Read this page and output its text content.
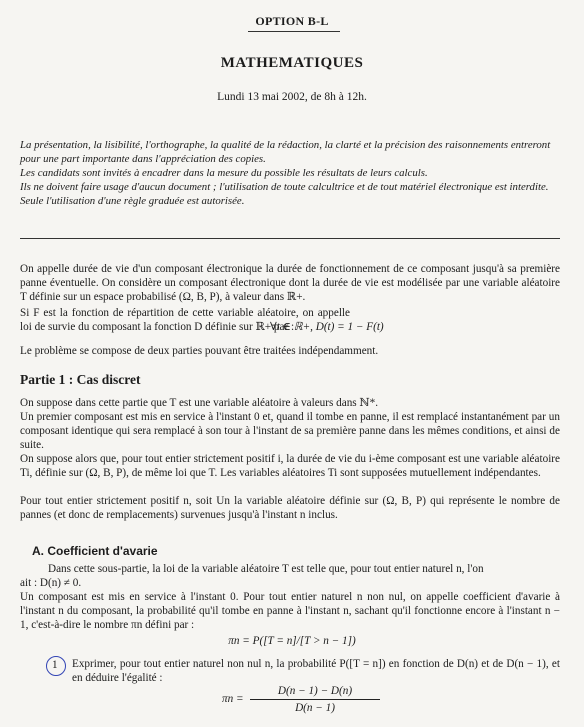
OPTION B-L
MATHEMATIQUES
Lundi 13 mai 2002, de 8h à 12h.
La présentation, la lisibilité, l'orthographe, la qualité de la rédaction, la clarté et la précision des raisonnements entreront pour une part importante dans l'appréciation des copies.
Les candidats sont invités à encadrer dans la mesure du possible les résultats de leurs calculs.
Ils ne doivent faire usage d'aucun document ; l'utilisation de toute calcultrice et de tout matériel électronique est interdite.
Seule l'utilisation d'une règle graduée est autorisée.
On appelle durée de vie d'un composant électronique la durée de fonctionnement de ce composant jusqu'à sa première panne éventuelle. On considère un composant électronique dont la durée de vie est modélisée par une variable aléatoire T définie sur un espace probabilisé (Ω, B, P), à valeur dans ℝ+.
Si F est la fonction de répartition de cette variable aléatoire, on appelle loi de survie du composant la fonction D définie sur ℝ+ par :
∀t ∈ ℝ+, D(t) = 1 − F(t)
Le problème se compose de deux parties pouvant être traitées indépendamment.
Partie 1 : Cas discret
On suppose dans cette partie que T est une variable aléatoire à valeurs dans ℕ*.
Un premier composant est mis en service à l'instant 0 et, quand il tombe en panne, il est remplacé instantanément par un composant identique qui sera remplacé à son tour à l'instant de sa première panne dans les mêmes conditions, et ainsi de suite.
On suppose alors que, pour tout entier strictement positif i, la durée de vie du i-ème composant est une variable aléatoire Ti, définie sur (Ω, B, P), de même loi que T. Les variables aléatoires Ti sont supposées mutuellement indépendantes.
Pour tout entier strictement positif n, soit Un la variable aléatoire définie sur (Ω, B, P) qui représente le nombre de pannes (et donc de remplacements) survenues jusqu'à l'instant n inclus.
A. Coefficient d'avarie
Dans cette sous-partie, la loi de la variable aléatoire T est telle que, pour tout entier naturel n, l'on
ait : D(n) ≠ 0.
Un composant est mis en service à l'instant 0. Pour tout entier naturel n non nul, on appelle coefficient d'avarie à l'instant n du composant, la probabilité qu'il tombe en panne à l'instant n, sachant qu'il fonctionne encore à l'instant n − 1, c'est-à-dire le nombre πn défini par :
πn = P([T = n]/[T > n − 1])
1 Exprimer, pour tout entier naturel non nul n, la probabilité P([T = n]) en fonction de D(n) et de D(n − 1), et en déduire l'égalité :
πn =
D(n − 1) − D(n)
D(n − 1)
